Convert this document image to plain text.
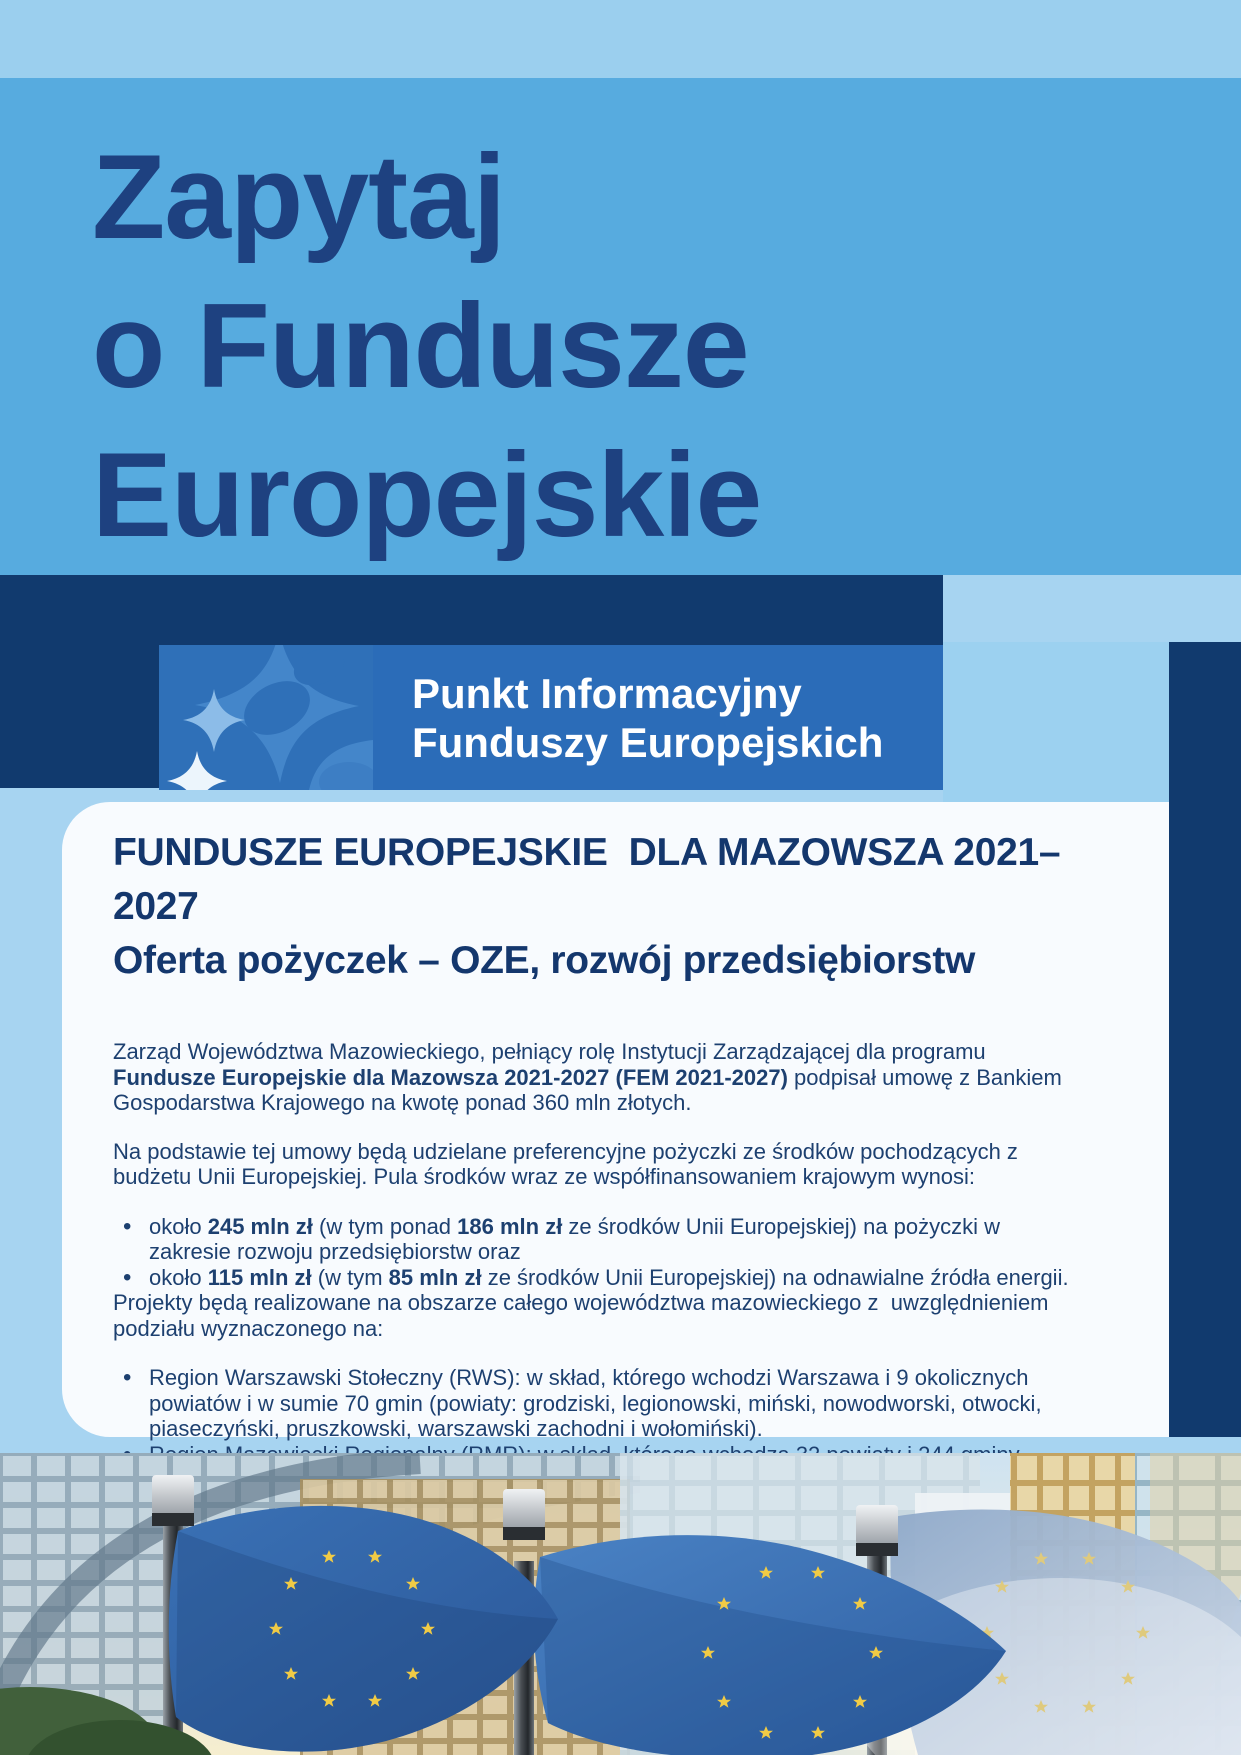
Zapytaj
o Fundusze
Europejskie
Punkt Informacyjny
Funduszy Europejskich
FUNDUSZE EUROPEJSKIE  DLA MAZOWSZA 2021–2027
Oferta pożyczek – OZE, rozwój przedsiębiorstw

Zarząd Województwa Mazowieckiego, pełniący rolę Instytucji Zarządzającej dla programu Fundusze Europejskie dla Mazowsza 2021-2027 (FEM 2021-2027) podpisał umowę z Bankiem Gospodarstwa Krajowego na kwotę ponad 360 mln złotych.

Na podstawie tej umowy będą udzielane preferencyjne pożyczki ze środków pochodzących z budżetu Unii Europejskiej. Pula środków wraz ze współfinansowaniem krajowym wynosi:

• około 245 mln zł (w tym ponad 186 mln zł ze środków Unii Europejskiej) na pożyczki w zakresie rozwoju przedsiębiorstw oraz
• około 115 mln zł (w tym 85 mln zł ze środków Unii Europejskiej) na odnawialne źródła energii.

Projekty będą realizowane na obszarze całego województwa mazowieckiego z  uwzględnieniem podziału wyznaczonego na:

• Region Warszawski Stołeczny (RWS): w skład, którego wchodzi Warszawa i 9 okolicznych powiatów i w sumie 70 gmin (powiaty: grodziski, legionowski, miński, nowodworski, otwocki, piaseczyński, pruszkowski, warszawski zachodni i wołomiński).
•
